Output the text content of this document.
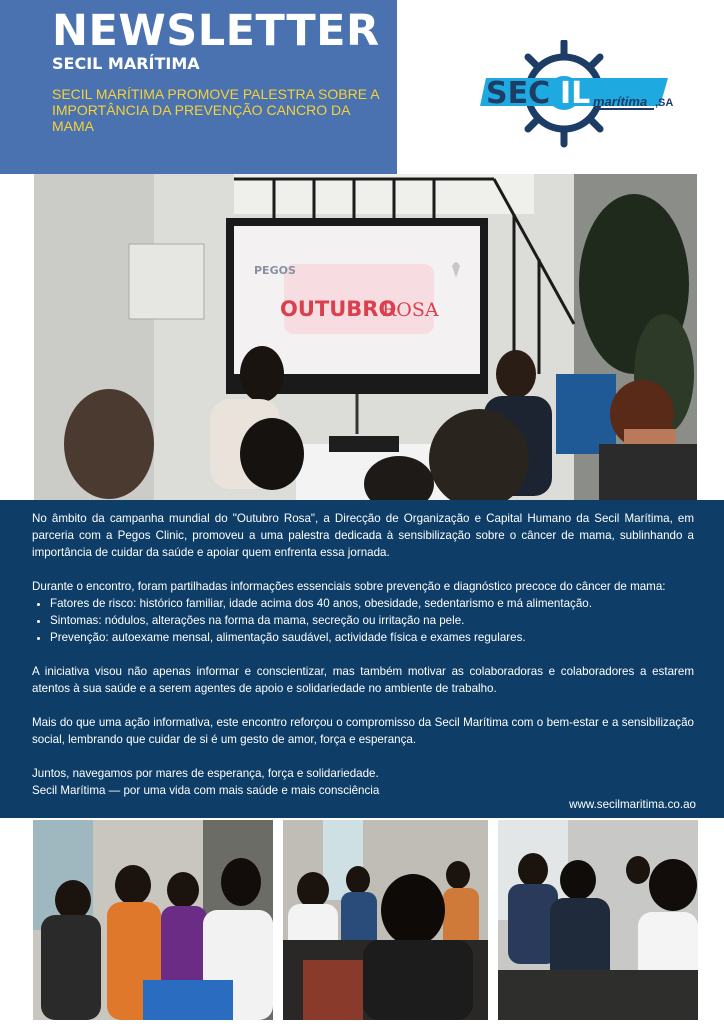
NEWSLETTER
SECIL MARÍTIMA

SECIL MARÍTIMA PROMOVE PALESTRA SOBRE A IMPORTÂNCIA DA PREVENÇÃO CANCRO DA MAMA

SEC IL marítima ,SA
PEGOS
OUTUBRO
ROSA

No âmbito da campanha mundial do "Outubro Rosa", a Direcção de Organização e Capital Humano da Secil Marítima, em parceria com a Pegos Clinic, promoveu a uma palestra dedicada à sensibilização sobre o câncer de mama, sublinhando a importância de cuidar da saúde e apoiar quem enfrenta essa jornada.

Durante o encontro, foram partilhadas informações essenciais sobre prevenção e diagnóstico precoce do câncer de mama:

• Fatores de risco: histórico familiar, idade acima dos 40 anos, obesidade, sedentarismo e má alimentação.
• Sintomas: nódulos, alterações na forma da mama, secreção ou irritação na pele.
• Prevenção: autoexame mensal, alimentação saudável, actividade física e exames regulares.

A iniciativa visou não apenas informar e conscientizar, mas também motivar as colaboradoras e colaboradores a estarem atentos à sua saúde e a serem agentes de apoio e solidariedade no ambiente de trabalho.

Mais do que uma ação informativa, este encontro reforçou o compromisso da Secil Marítima com o bem-estar e a sensibilização social, lembrando que cuidar de si é um gesto de amor, força e esperança.

Juntos, navegamos por mares de esperança, força e solidariedade.

Secil Marítima — por uma vida com mais saúde e mais consciência

www.secilmaritima.co.ao
